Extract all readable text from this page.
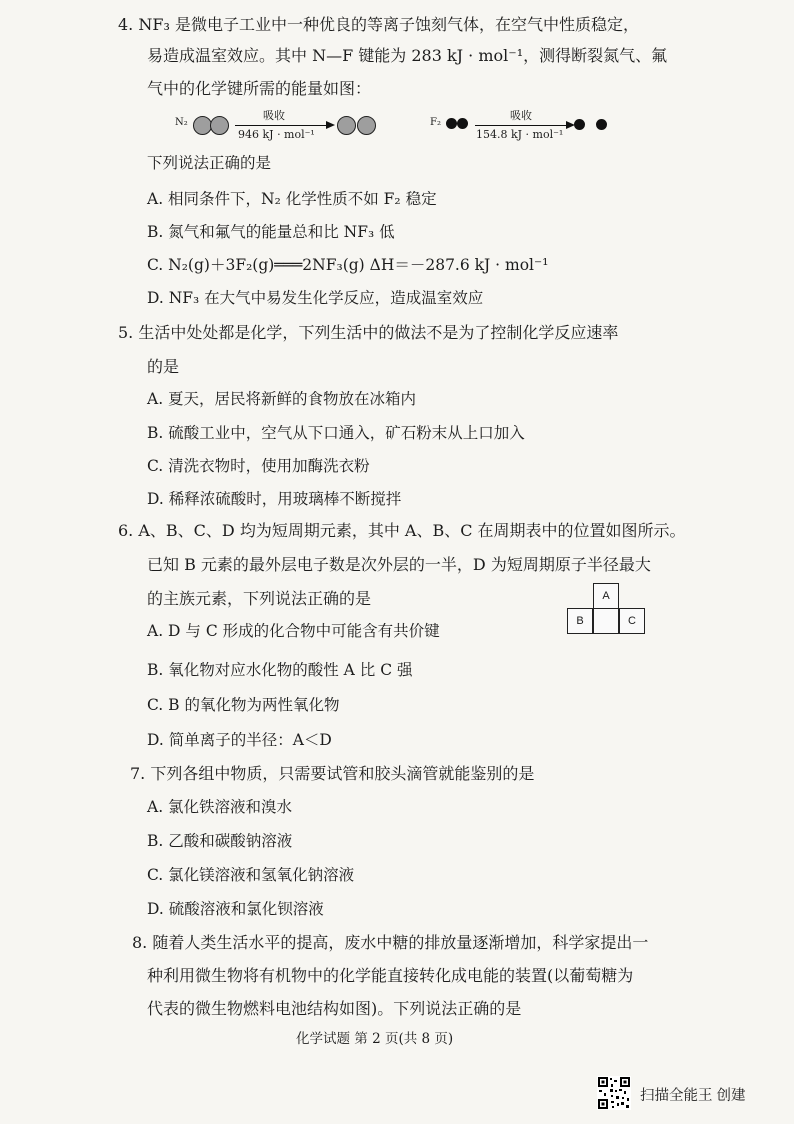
4. NF₃ 是微电子工业中一种优良的等离子蚀刻气体，在空气中性质稳定，
易造成温室效应。其中 N—F 键能为 283 kJ · mol⁻¹，测得断裂氮气、氟
气中的化学键所需的能量如图：
N₂
吸收
946 kJ · mol⁻¹
F₂
吸收
154.8 kJ · mol⁻¹
下列说法正确的是
A. 相同条件下，N₂ 化学性质不如 F₂ 稳定
B. 氮气和氟气的能量总和比 NF₃ 低
C. N₂(g)＋3F₂(g)═══2NF₃(g) ΔH＝－287.6 kJ · mol⁻¹
D. NF₃ 在大气中易发生化学反应，造成温室效应
5. 生活中处处都是化学，下列生活中的做法不是为了控制化学反应速率
的是
A. 夏天，居民将新鲜的食物放在冰箱内
B. 硫酸工业中，空气从下口通入，矿石粉末从上口加入
C. 清洗衣物时，使用加酶洗衣粉
D. 稀释浓硫酸时，用玻璃棒不断搅拌
6. A、B、C、D 均为短周期元素，其中 A、B、C 在周期表中的位置如图所示。
已知 B 元素的最外层电子数是次外层的一半，D 为短周期原子半径最大
的主族元素，下列说法正确的是	A
B	C
A. D 与 C 形成的化合物中可能含有共价键
B. 氧化物对应水化物的酸性 A 比 C 强
C. B 的氧化物为两性氧化物
D. 简单离子的半径：A＜D
7. 下列各组中物质，只需要试管和胶头滴管就能鉴别的是
A. 氯化铁溶液和溴水
B. 乙酸和碳酸钠溶液
C. 氯化镁溶液和氢氧化钠溶液
D. 硫酸溶液和氯化钡溶液
8. 随着人类生活水平的提高，废水中糖的排放量逐渐增加，科学家提出一
种利用微生物将有机物中的化学能直接转化成电能的装置(以葡萄糖为
代表的微生物燃料电池结构如图)。下列说法正确的是
化学试题 第 2 页(共 8 页)
扫描全能王 创建
